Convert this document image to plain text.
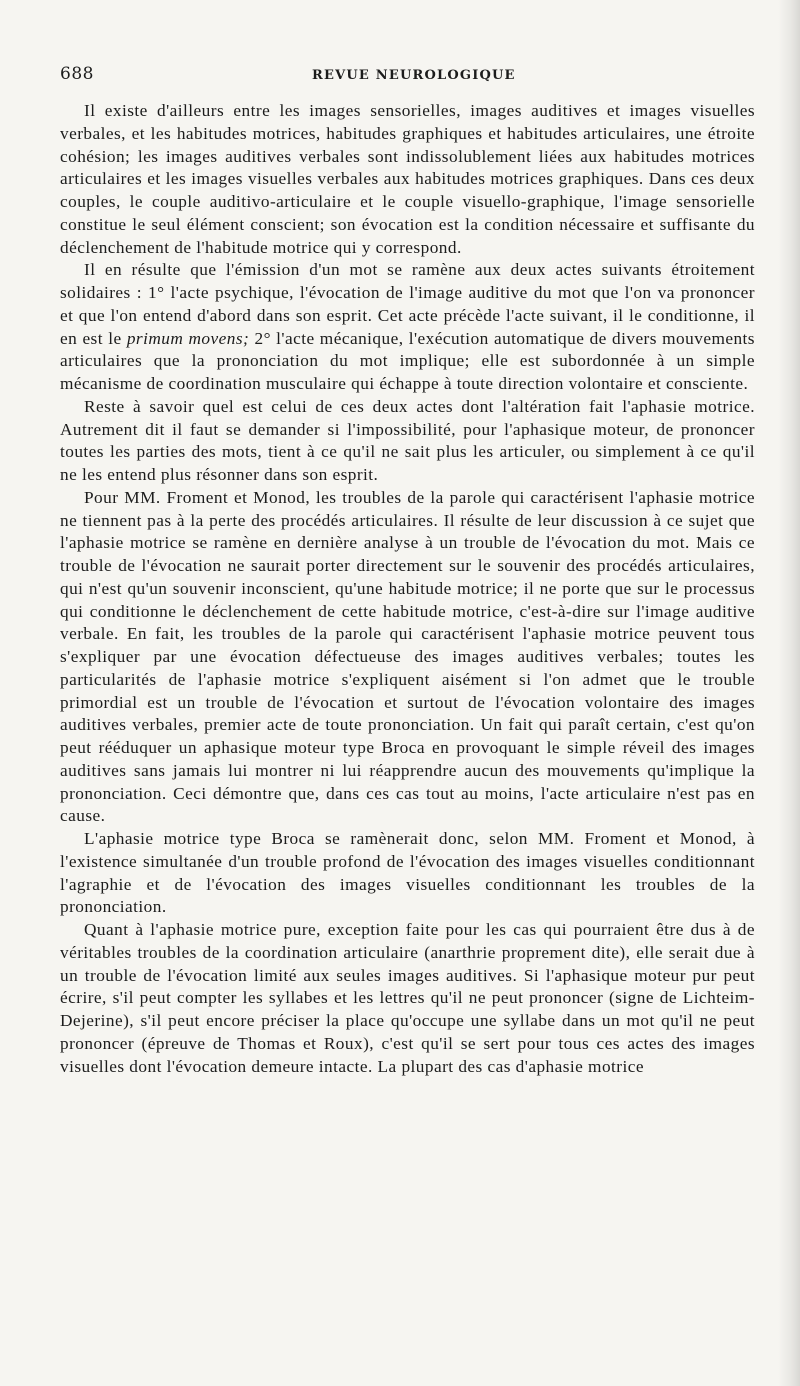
688	REVUE NEUROLOGIQUE

Il existe d'ailleurs entre les images sensorielles, images auditives et images visuelles verbales, et les habitudes motrices, habitudes graphiques et habitudes articulaires, une étroite cohésion; les images auditives verbales sont indissolublement liées aux habitudes motrices articulaires et les images visuelles verbales aux habitudes motrices graphiques. Dans ces deux couples, le couple auditivo-articulaire et le couple visuello-graphique, l'image sensorielle constitue le seul élément conscient; son évocation est la condition nécessaire et suffisante du déclenchement de l'habitude motrice qui y correspond.

Il en résulte que l'émission d'un mot se ramène aux deux actes suivants étroitement solidaires : 1° l'acte psychique, l'évocation de l'image auditive du mot que l'on va prononcer et que l'on entend d'abord dans son esprit. Cet acte précède l'acte suivant, il le conditionne, il en est le primum movens; 2° l'acte mécanique, l'exécution automatique de divers mouvements articulaires que la prononciation du mot implique; elle est subordonnée à un simple mécanisme de coordination musculaire qui échappe à toute direction volontaire et consciente.

Reste à savoir quel est celui de ces deux actes dont l'altération fait l'aphasie motrice. Autrement dit il faut se demander si l'impossibilité, pour l'aphasique moteur, de prononcer toutes les parties des mots, tient à ce qu'il ne sait plus les articuler, ou simplement à ce qu'il ne les entend plus résonner dans son esprit.

Pour MM. Froment et Monod, les troubles de la parole qui caractérisent l'aphasie motrice ne tiennent pas à la perte des procédés articulaires. Il résulte de leur discussion à ce sujet que l'aphasie motrice se ramène en dernière analyse à un trouble de l'évocation du mot. Mais ce trouble de l'évocation ne saurait porter directement sur le souvenir des procédés articulaires, qui n'est qu'un souvenir inconscient, qu'une habitude motrice; il ne porte que sur le processus qui conditionne le déclenchement de cette habitude motrice, c'est-à-dire sur l'image auditive verbale. En fait, les troubles de la parole qui caractérisent l'aphasie motrice peuvent tous s'expliquer par une évocation défectueuse des images auditives verbales; toutes les particularités de l'aphasie motrice s'expliquent aisément si l'on admet que le trouble primordial est un trouble de l'évocation et surtout de l'évocation volontaire des images auditives verbales, premier acte de toute prononciation. Un fait qui paraît certain, c'est qu'on peut rééduquer un aphasique moteur type Broca en provoquant le simple réveil des images auditives sans jamais lui montrer ni lui réapprendre aucun des mouvements qu'implique la prononciation. Ceci démontre que, dans ces cas tout au moins, l'acte articulaire n'est pas en cause.

L'aphasie motrice type Broca se ramènerait donc, selon MM. Froment et Monod, à l'existence simultanée d'un trouble profond de l'évocation des images visuelles conditionnant l'agraphie et de l'évocation des images visuelles conditionnant les troubles de la prononciation.

Quant à l'aphasie motrice pure, exception faite pour les cas qui pourraient être dus à de véritables troubles de la coordination articulaire (anarthrie proprement dite), elle serait due à un trouble de l'évocation limité aux seules images auditives. Si l'aphasique moteur pur peut écrire, s'il peut compter les syllabes et les lettres qu'il ne peut prononcer (signe de Lichteim-Dejerine), s'il peut encore préciser la place qu'occupe une syllabe dans un mot qu'il ne peut prononcer (épreuve de Thomas et Roux), c'est qu'il se sert pour tous ces actes des images visuelles dont l'évocation demeure intacte. La plupart des cas d'aphasie motrice
